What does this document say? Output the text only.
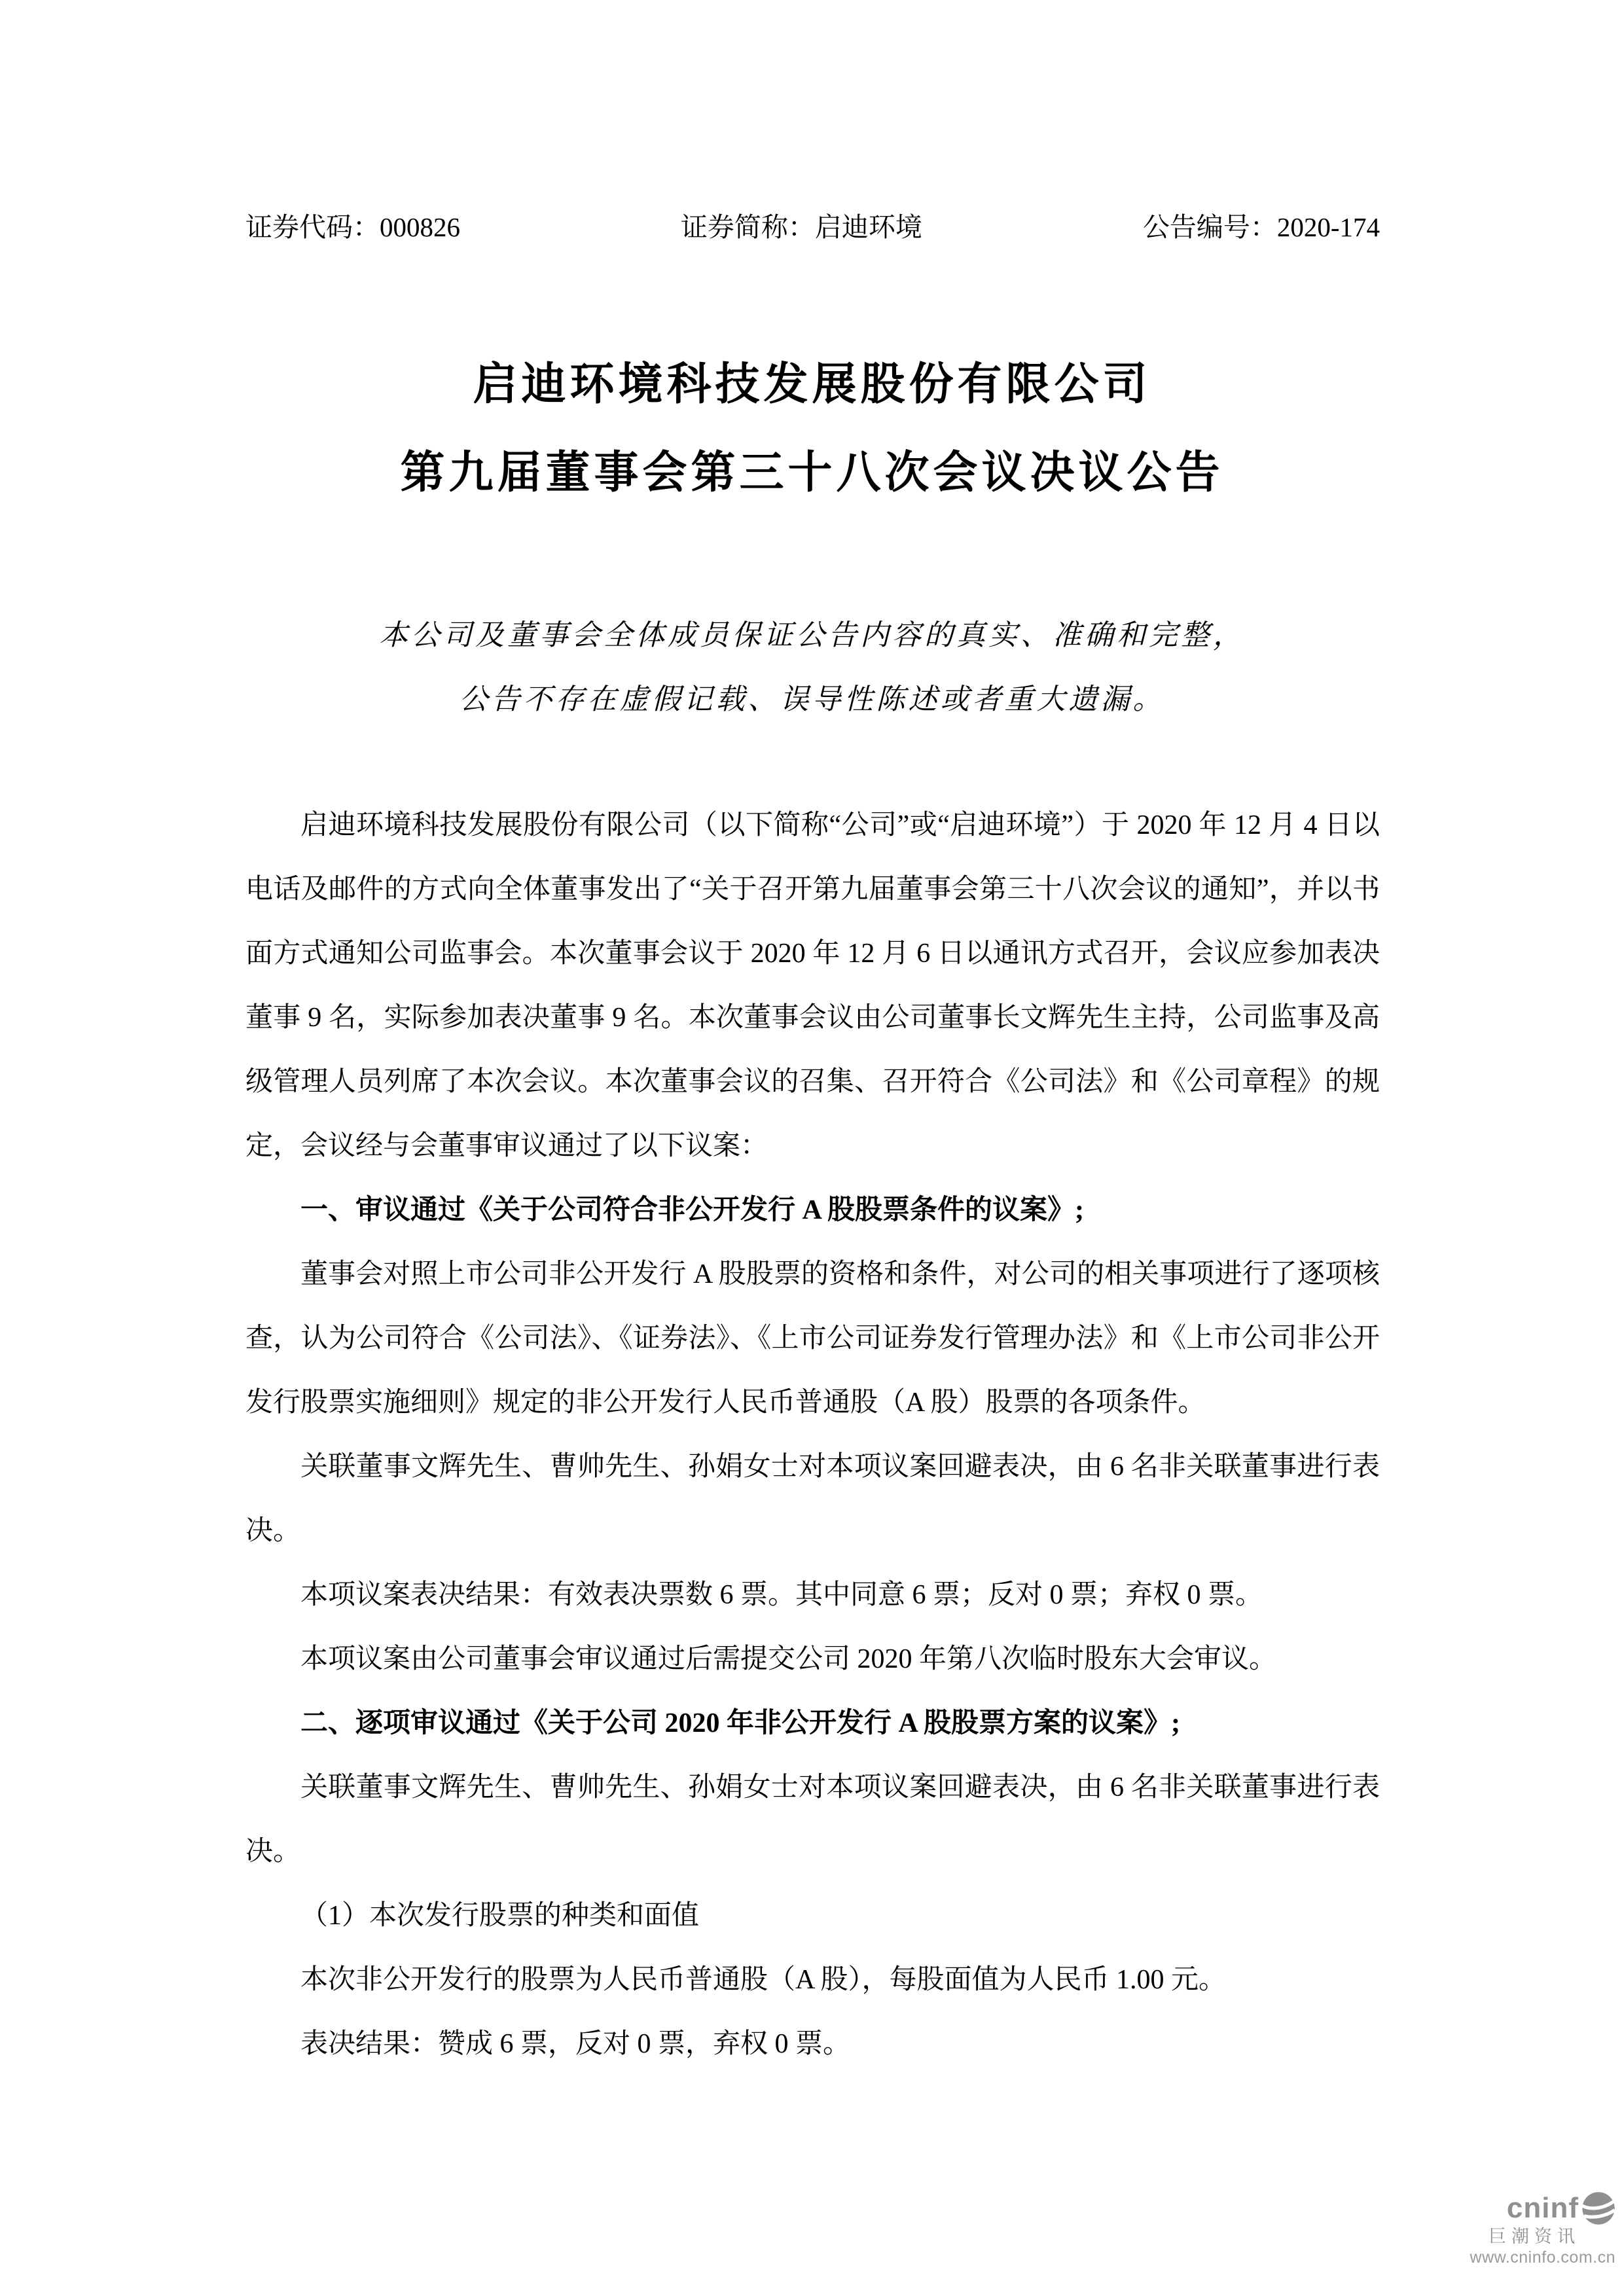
证券代码：000826	证券简称：启迪环境	公告编号：2020-174
启迪环境科技发展股份有限公司
第九届董事会第三十八次会议决议公告
本公司及董事会全体成员保证公告内容的真实、准确和完整，
公告不存在虚假记载、误导性陈述或者重大遗漏。

启迪环境科技发展股份有限公司（以下简称“公司”或“启迪环境”）于 2020 年 12 月 4 日以电话及邮件的方式向全体董事发出了“关于召开第九届董事会第三十八次会议的通知”，并以书面方式通知公司监事会。本次董事会议于 2020 年 12 月 6 日以通讯方式召开，会议应参加表决董事 9 名，实际参加表决董事 9 名。本次董事会议由公司董事长文辉先生主持，公司监事及高级管理人员列席了本次会议。本次董事会议的召集、召开符合《公司法》和《公司章程》的规定，会议经与会董事审议通过了以下议案：

一、审议通过《关于公司符合非公开发行 A 股股票条件的议案》;

董事会对照上市公司非公开发行 A 股股票的资格和条件，对公司的相关事项进行了逐项核查，认为公司符合《公司法》、《证券法》、《上市公司证券发行管理办法》和《上市公司非公开发行股票实施细则》规定的非公开发行人民币普通股（A 股）股票的各项条件。

关联董事文辉先生、曹帅先生、孙娟女士对本项议案回避表决，由 6 名非关联董事进行表决。

本项议案表决结果：有效表决票数 6 票。其中同意 6 票；反对 0 票；弃权 0 票。

本项议案由公司董事会审议通过后需提交公司 2020 年第八次临时股东大会审议。

二、逐项审议通过《关于公司 2020 年非公开发行 A 股股票方案的议案》;

关联董事文辉先生、曹帅先生、孙娟女士对本项议案回避表决，由 6 名非关联董事进行表决。

（1）本次发行股票的种类和面值

本次非公开发行的股票为人民币普通股（A 股），每股面值为人民币 1.00 元。

表决结果：赞成 6 票，反对 0 票，弃权 0 票。

cninf
巨潮资讯
www.cninfo.com.cn
